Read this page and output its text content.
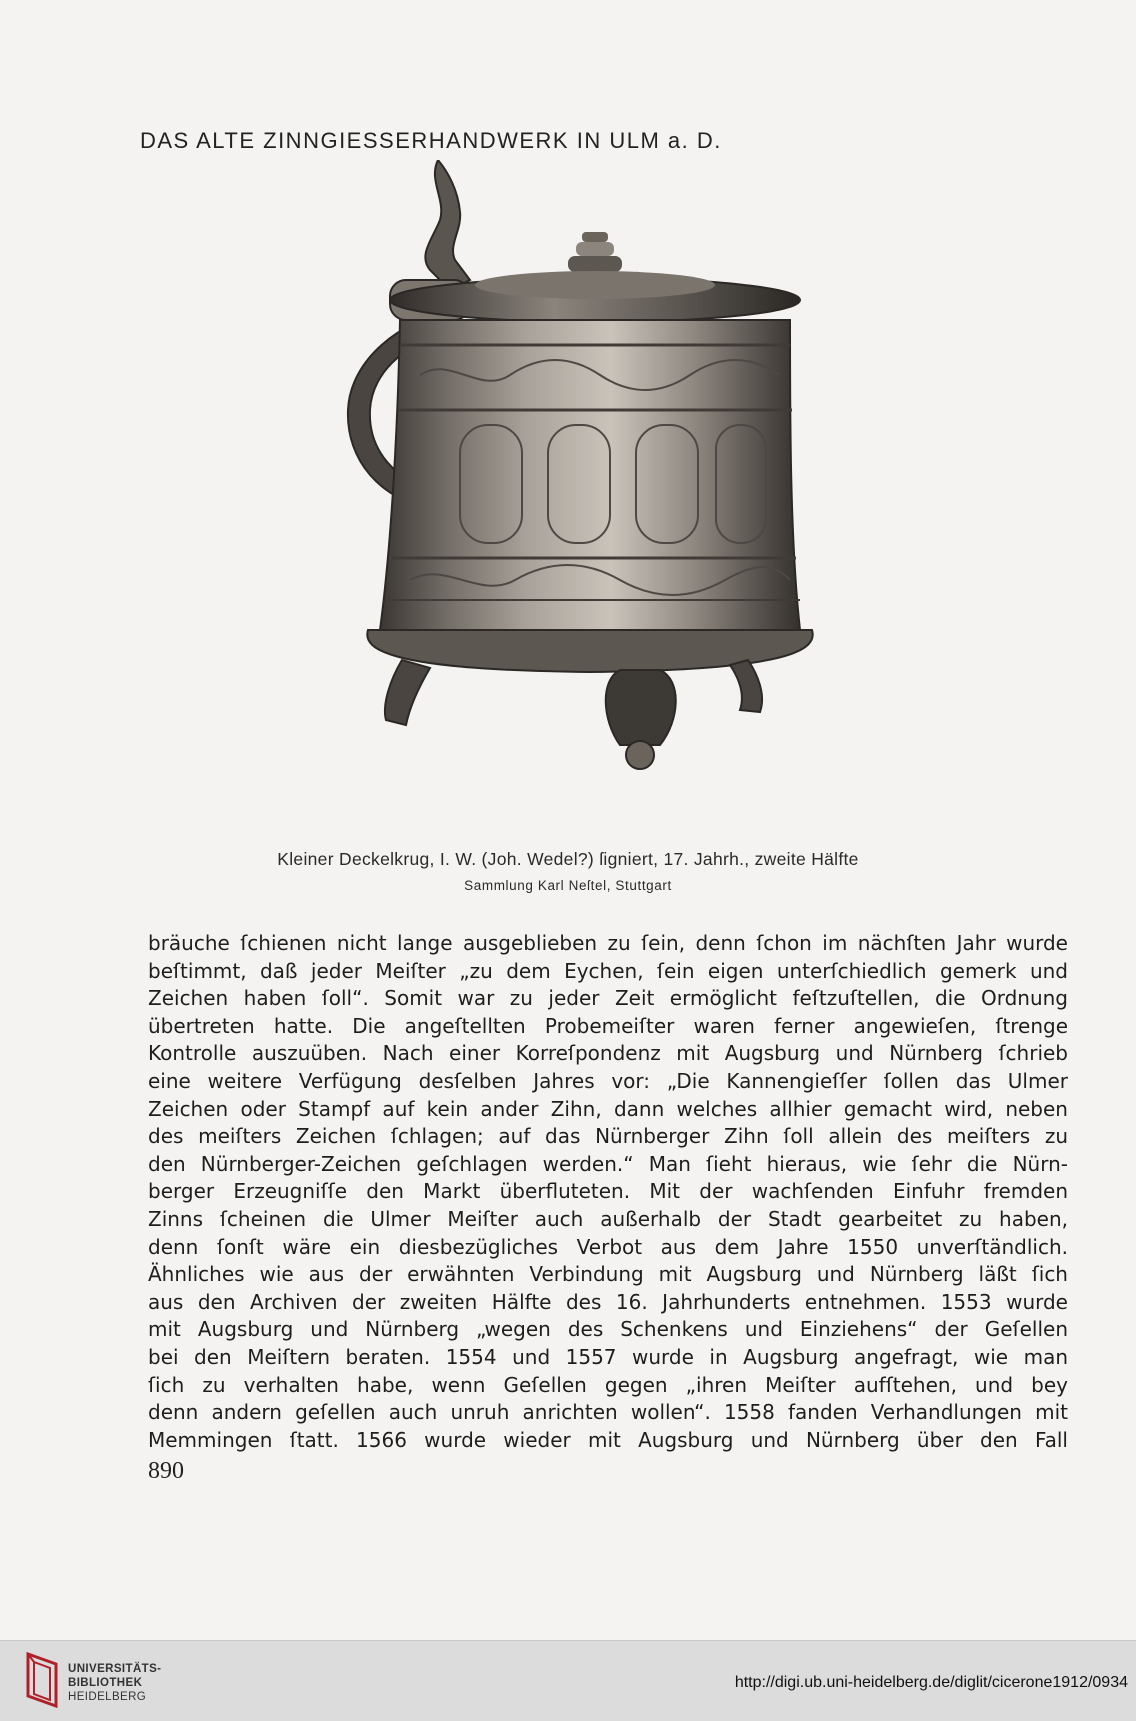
DAS ALTE ZINNGIESSERHANDWERK IN ULM a. D.
Kleiner Deckelkrug, I. W. (Joh. Wedel?) ſigniert, 17. Jahrh., zweite Hälfte
Sammlung Karl Neſtel, Stuttgart
bräuche ſchienen nicht lange ausgeblieben zu ſein, denn ſchon im nächſten Jahr wurde
beſtimmt, daß jeder Meiſter „zu dem Eychen, ſein eigen unterſchiedlich gemerk und
Zeichen haben ſoll“. Somit war zu jeder Zeit ermöglicht feſtzuſtellen, die Ordnung
übertreten hatte. Die angeſtellten Probemeiſter waren ferner angewieſen, ſtrenge
Kontrolle auszuüben. Nach einer Korreſpondenz mit Augsburg und Nürnberg ſchrieb
eine weitere Verfügung desſelben Jahres vor: „Die Kannengieſſer ſollen das Ulmer
Zeichen oder Stampf auf kein ander Zihn, dann welches allhier gemacht wird, neben
des meiſters Zeichen ſchlagen; auf das Nürnberger Zihn ſoll allein des meiſters zu
den Nürnberger-Zeichen geſchlagen werden.“ Man ſieht hieraus, wie ſehr die Nürn-
berger Erzeugniſſe den Markt überfluteten. Mit der wachſenden Einfuhr fremden
Zinns ſcheinen die Ulmer Meiſter auch außerhalb der Stadt gearbeitet zu haben,
denn ſonſt wäre ein diesbezügliches Verbot aus dem Jahre 1550 unverſtändlich.
Ähnliches wie aus der erwähnten Verbindung mit Augsburg und Nürnberg läßt ſich
aus den Archiven der zweiten Hälfte des 16. Jahrhunderts entnehmen. 1553 wurde
mit Augsburg und Nürnberg „wegen des Schenkens und Einziehens“ der Geſellen
bei den Meiſtern beraten. 1554 und 1557 wurde in Augsburg angefragt, wie man
ſich zu verhalten habe, wenn Geſellen gegen „ihren Meiſter aufſtehen, und bey
denn andern geſellen auch unruh anrichten wollen“. 1558 fanden Verhandlungen mit
Memmingen ſtatt. 1566 wurde wieder mit Augsburg und Nürnberg über den Fall
890
UNIVERSITÄTS-
BIBLIOTHEK
HEIDELBERG
http://digi.ub.uni-heidelberg.de/diglit/cicerone1912/0934
